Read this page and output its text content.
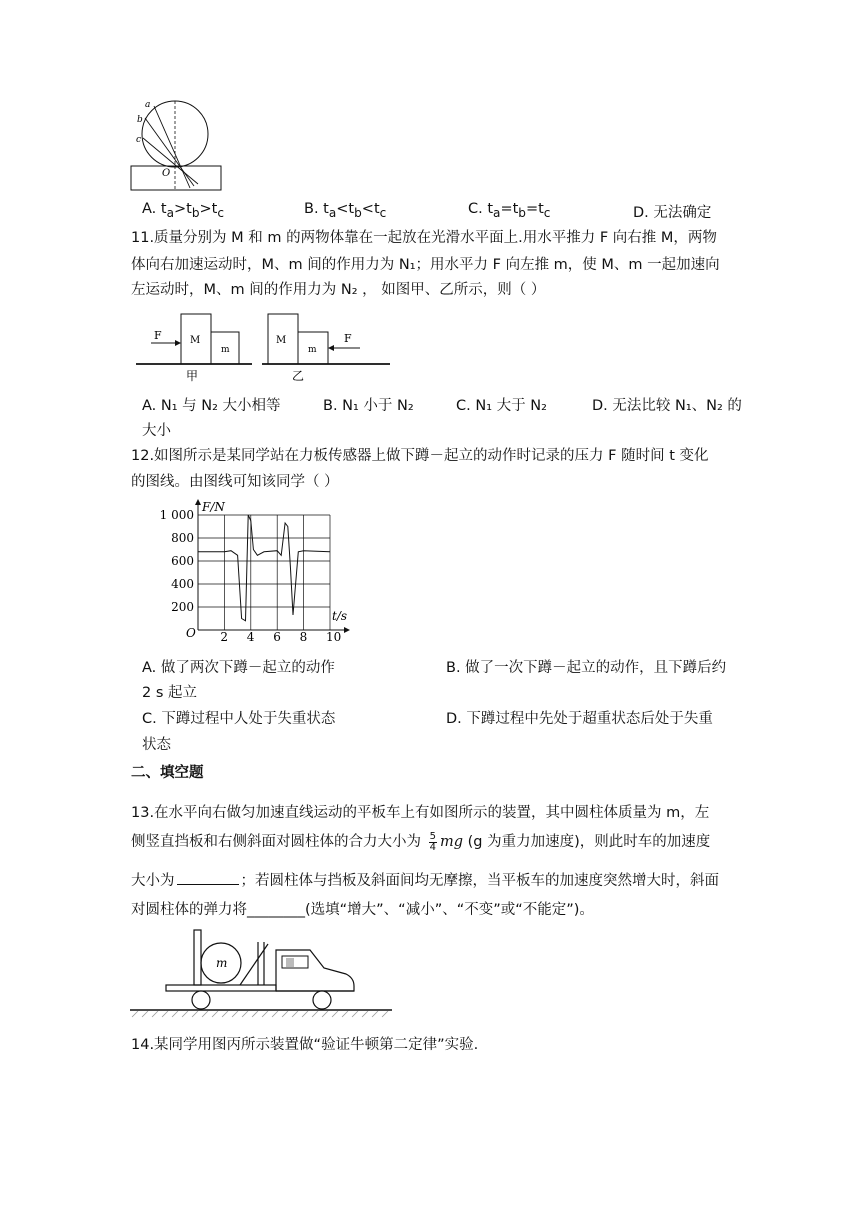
a
b
c
O
A. $t_a>t_b>t_c$	B. $t_a<t_b<t_c$	C. $t_a=t_b=t_c$	D. 无法确定
11.质量分别为 M 和 m 的两物体靠在一起放在光滑水平面上.用水平推力 F 向右推 M，两物
体向右加速运动时，M、m 间的作用力为 N₁；用水平力 F 向左推 m，使 M、m 一起加速向
左运动时，M、m 间的作用力为 N₂ ， 如图甲、乙所示，则（ ）
F	M
m
甲
F
M
m
乙
A. N₁ 与 N₂ 大小相等	B. N₁ 小于 N₂	C. N₁ 大于 N₂	D. 无法比较 N₁、N₂ 的
大小
12.如图所示是某同学站在力板传感器上做下蹲－起立的动作时记录的压力 F 随时间 t 变化
的图线。由图线可知该同学（ ）
2 4 6 8 10
200
400
600
800
1 000
F/N
t/s
O
A. 做了两次下蹲－起立的动作	B. 做了一次下蹲－起立的动作，且下蹲后约
2 s 起立
C. 下蹲过程中人处于失重状态	D. 下蹲过程中先处于超重状态后处于失重
状态
二、填空题
13.在水平向右做匀加速直线运动的平板车上有如图所示的装置，其中圆柱体质量为 m，左
侧竖直挡板和右侧斜面对圆柱体的合力大小为 $\frac{5}{4}$ mg (g 为重力加速度)，则此时车的加速度
大小为	；若圆柱体与挡板及斜面间均无摩擦，当平板车的加速度突然增大时，斜面
对圆柱体的弹力将________(选填“增大”、“减小”、“不变”或“不能定”)。
m
14.某同学用图丙所示装置做“验证牛顿第二定律”实验.
